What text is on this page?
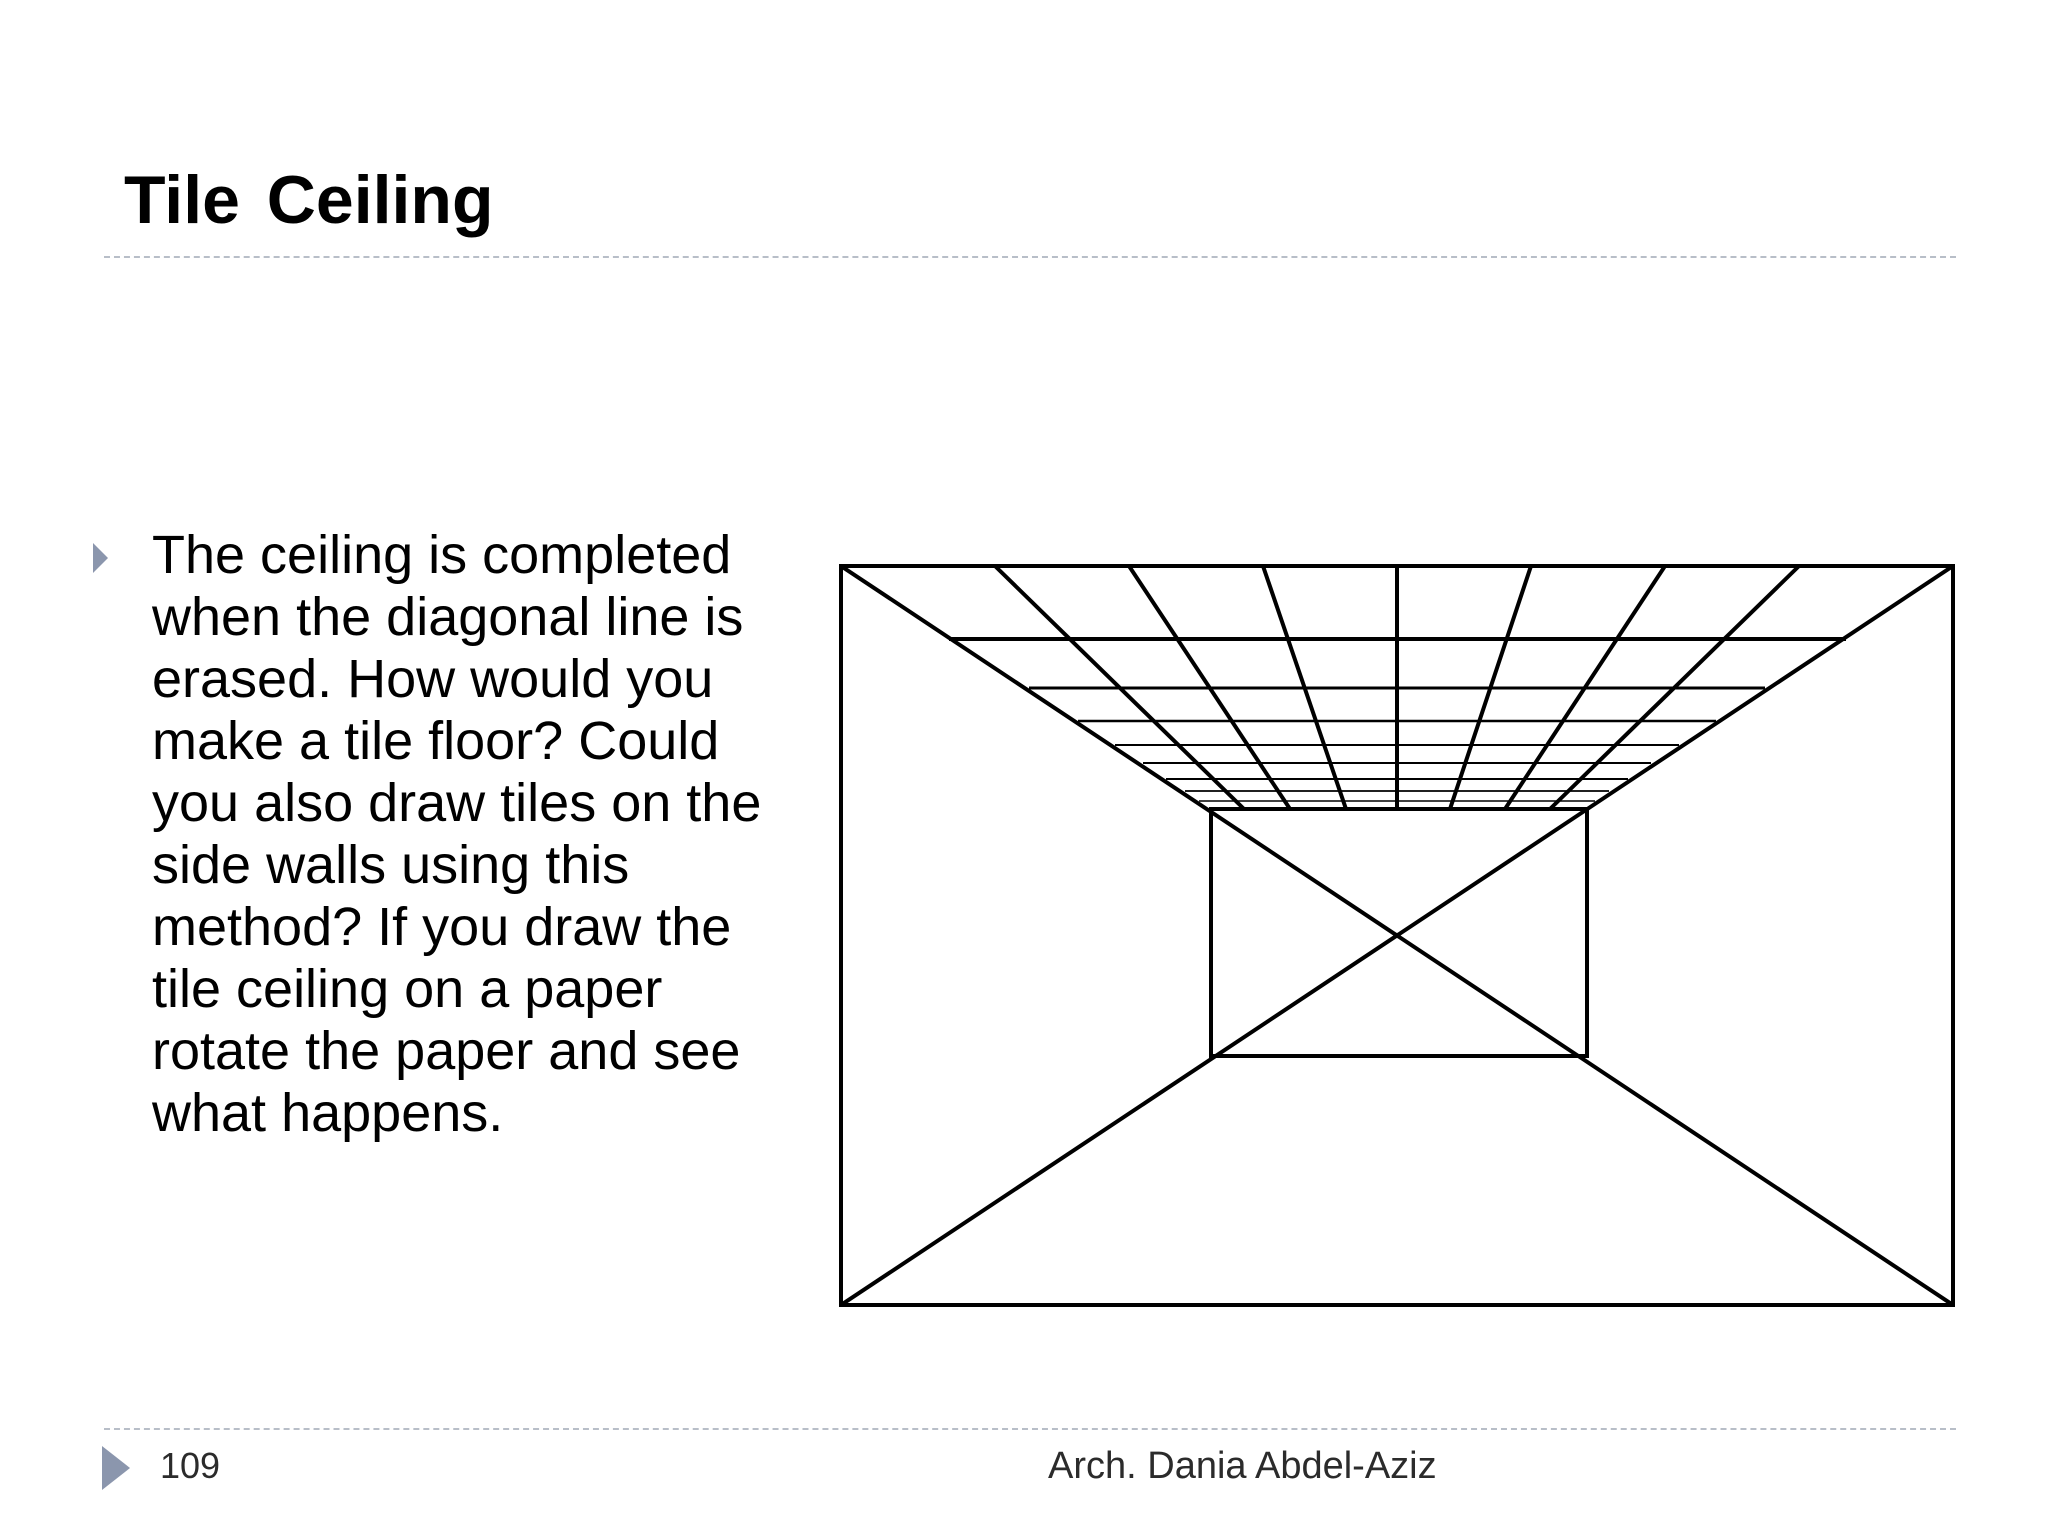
Tile Ceiling

The ceiling is completed
when the diagonal line is
erased. How would you
make a tile floor? Could
you also draw tiles on the
side walls using this
method? If you draw the
tile ceiling on a paper
rotate the paper and see
what happens.

109	Arch. Dania Abdel-Aziz
